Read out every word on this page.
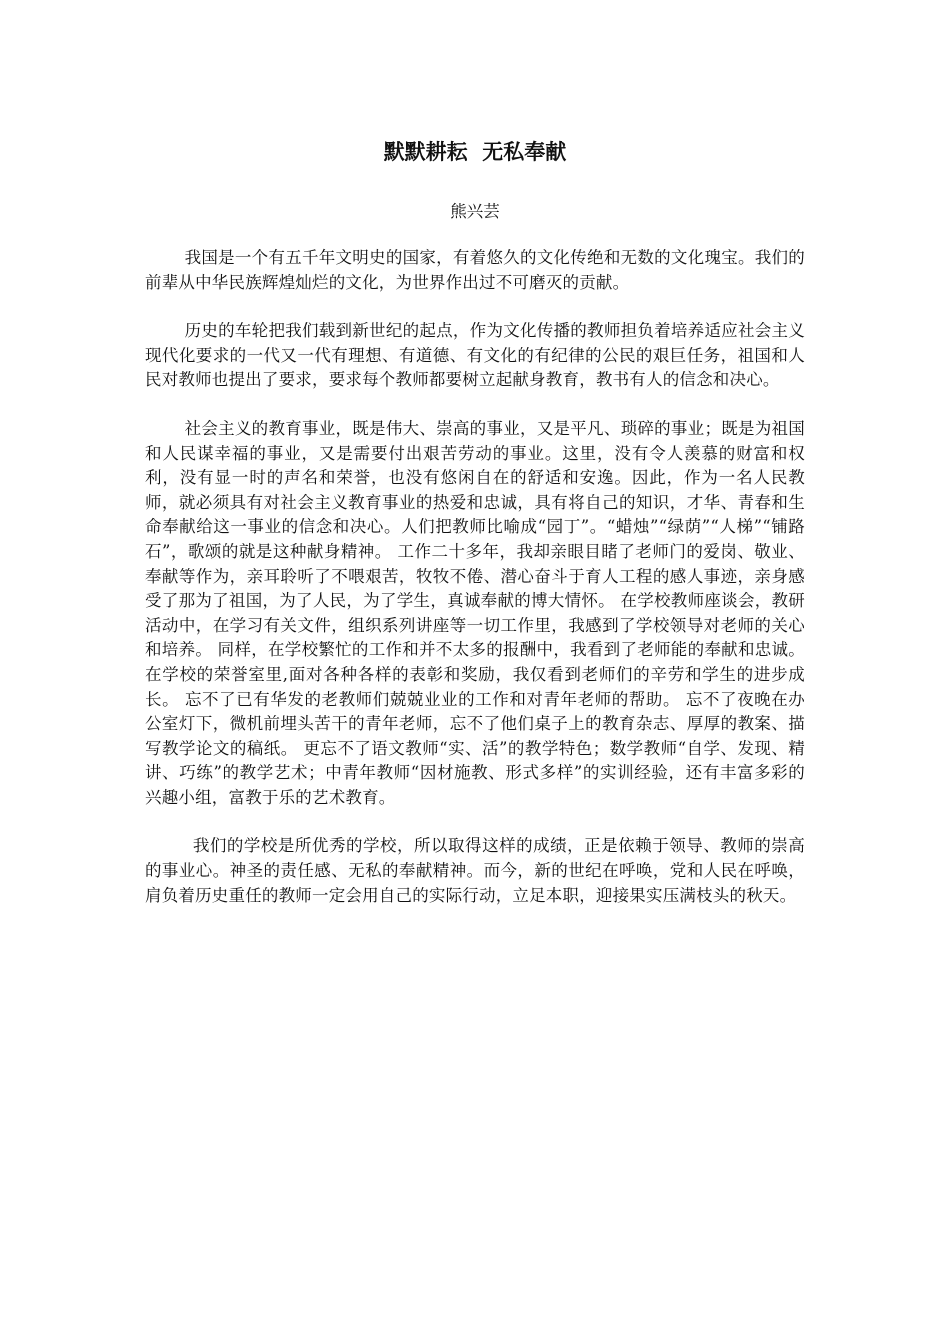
默默耕耘  无私奉献
熊兴芸

我国是一个有五千年文明史的国家，有着悠久的文化传绝和无数的文化瑰宝。我们的前辈从中华民族辉煌灿烂的文化，为世界作出过不可磨灭的贡献。

历史的车轮把我们载到新世纪的起点，作为文化传播的教师担负着培养适应社会主义现代化要求的一代又一代有理想、有道德、有文化的有纪律的公民的艰巨任务，祖国和人民对教师也提出了要求，要求每个教师都要树立起献身教育，教书有人的信念和决心。

社会主义的教育事业，既是伟大、崇高的事业，又是平凡、琐碎的事业；既是为祖国和人民谋幸福的事业，又是需要付出艰苦劳动的事业。这里，没有令人羡慕的财富和权利，没有显一时的声名和荣誉，也没有悠闲自在的舒适和安逸。因此，作为一名人民教师，就必须具有对社会主义教育事业的热爱和忠诚，具有将自己的知识，才华、青春和生命奉献给这一事业的信念和决心。人们把教师比喻成“园丁”。“蜡烛”“绿荫”“人梯”“铺路石”，歌颂的就是这种献身精神。 工作二十多年，我却亲眼目睹了老师门的爱岗、敬业、奉献等作为，亲耳聆听了不喂艰苦，牧牧不倦、潜心奋斗于育人工程的感人事迹，亲身感受了那为了祖国，为了人民，为了学生，真诚奉献的博大情怀。 在学校教师座谈会，教研活动中，在学习有关文件，组织系列讲座等一切工作里，我感到了学校领导对老师的关心和培养。 同样，在学校繁忙的工作和并不太多的报酬中，我看到了老师能的奉献和忠诚。 在学校的荣誉室里,面对各种各样的表彰和奖励，我仅看到老师们的辛劳和学生的进步成长。 忘不了已有华发的老教师们兢兢业业的工作和对青年老师的帮助。 忘不了夜晚在办公室灯下，微机前埋头苦干的青年老师，忘不了他们桌子上的教育杂志、厚厚的教案、描写教学论文的稿纸。 更忘不了语文教师“实、活”的教学特色；数学教师“自学、发现、精讲、巧练”的教学艺术；中青年教师“因材施教、形式多样”的实训经验，还有丰富多彩的兴趣小组，富教于乐的艺术教育。

我们的学校是所优秀的学校，所以取得这样的成绩，正是依赖于领导、教师的崇高的事业心。神圣的责任感、无私的奉献精神。而今，新的世纪在呼唤，党和人民在呼唤，肩负着历史重任的教师一定会用自己的实际行动，立足本职，迎接果实压满枝头的秋天。
